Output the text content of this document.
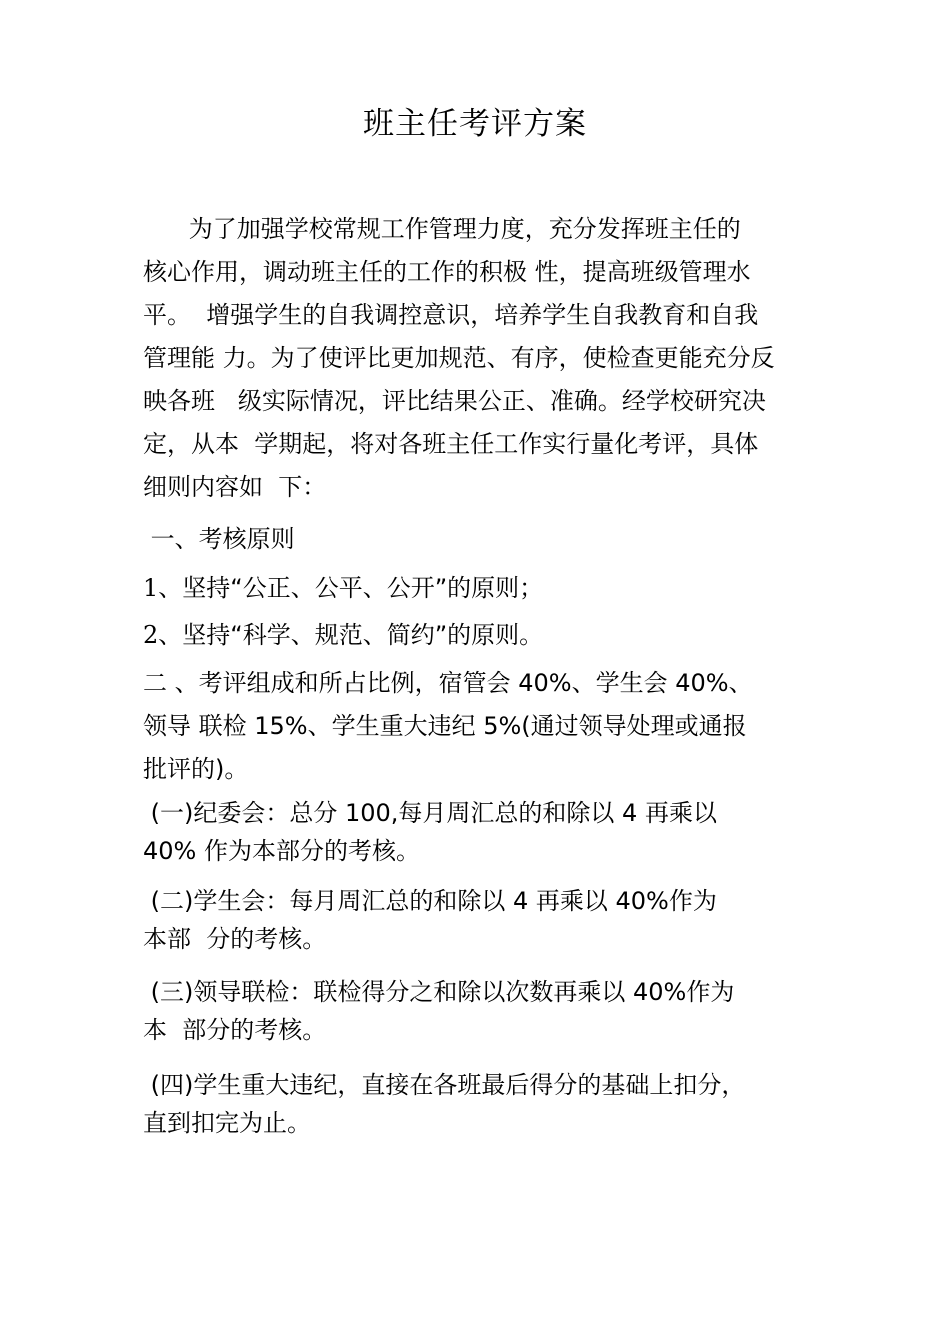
班主任考评方案
为了加强学校常规工作管理力度，充分发挥班主任的
核心作用，调动班主任的工作的积极 性，提高班级管理水
平。  增强学生的自我调控意识，培养学生自我教育和自我
管理能 力。为了使评比更加规范、有序，使检查更能充分反
映各班   级实际情况，评比结果公正、准确。经学校研究决
定，从本  学期起，将对各班主任工作实行量化考评，具体
细则内容如  下：
一、考核原则
1、坚持“公正、公平、公开”的原则；
2、坚持“科学、规范、简约”的原则。
二 、考评组成和所占比例，宿管会 40%、学生会 40%、
领导 联检 15%、学生重大违纪 5%(通过领导处理或通报
批评的)。
(一)纪委会：总分 100,每月周汇总的和除以 4 再乘以
40% 作为本部分的考核。
(二)学生会：每月周汇总的和除以 4 再乘以 40%作为
本部  分的考核。
(三)领导联检：联检得分之和除以次数再乘以 40%作为
本  部分的考核。
(四)学生重大违纪，直接在各班最后得分的基础上扣分，
直到扣完为止。
